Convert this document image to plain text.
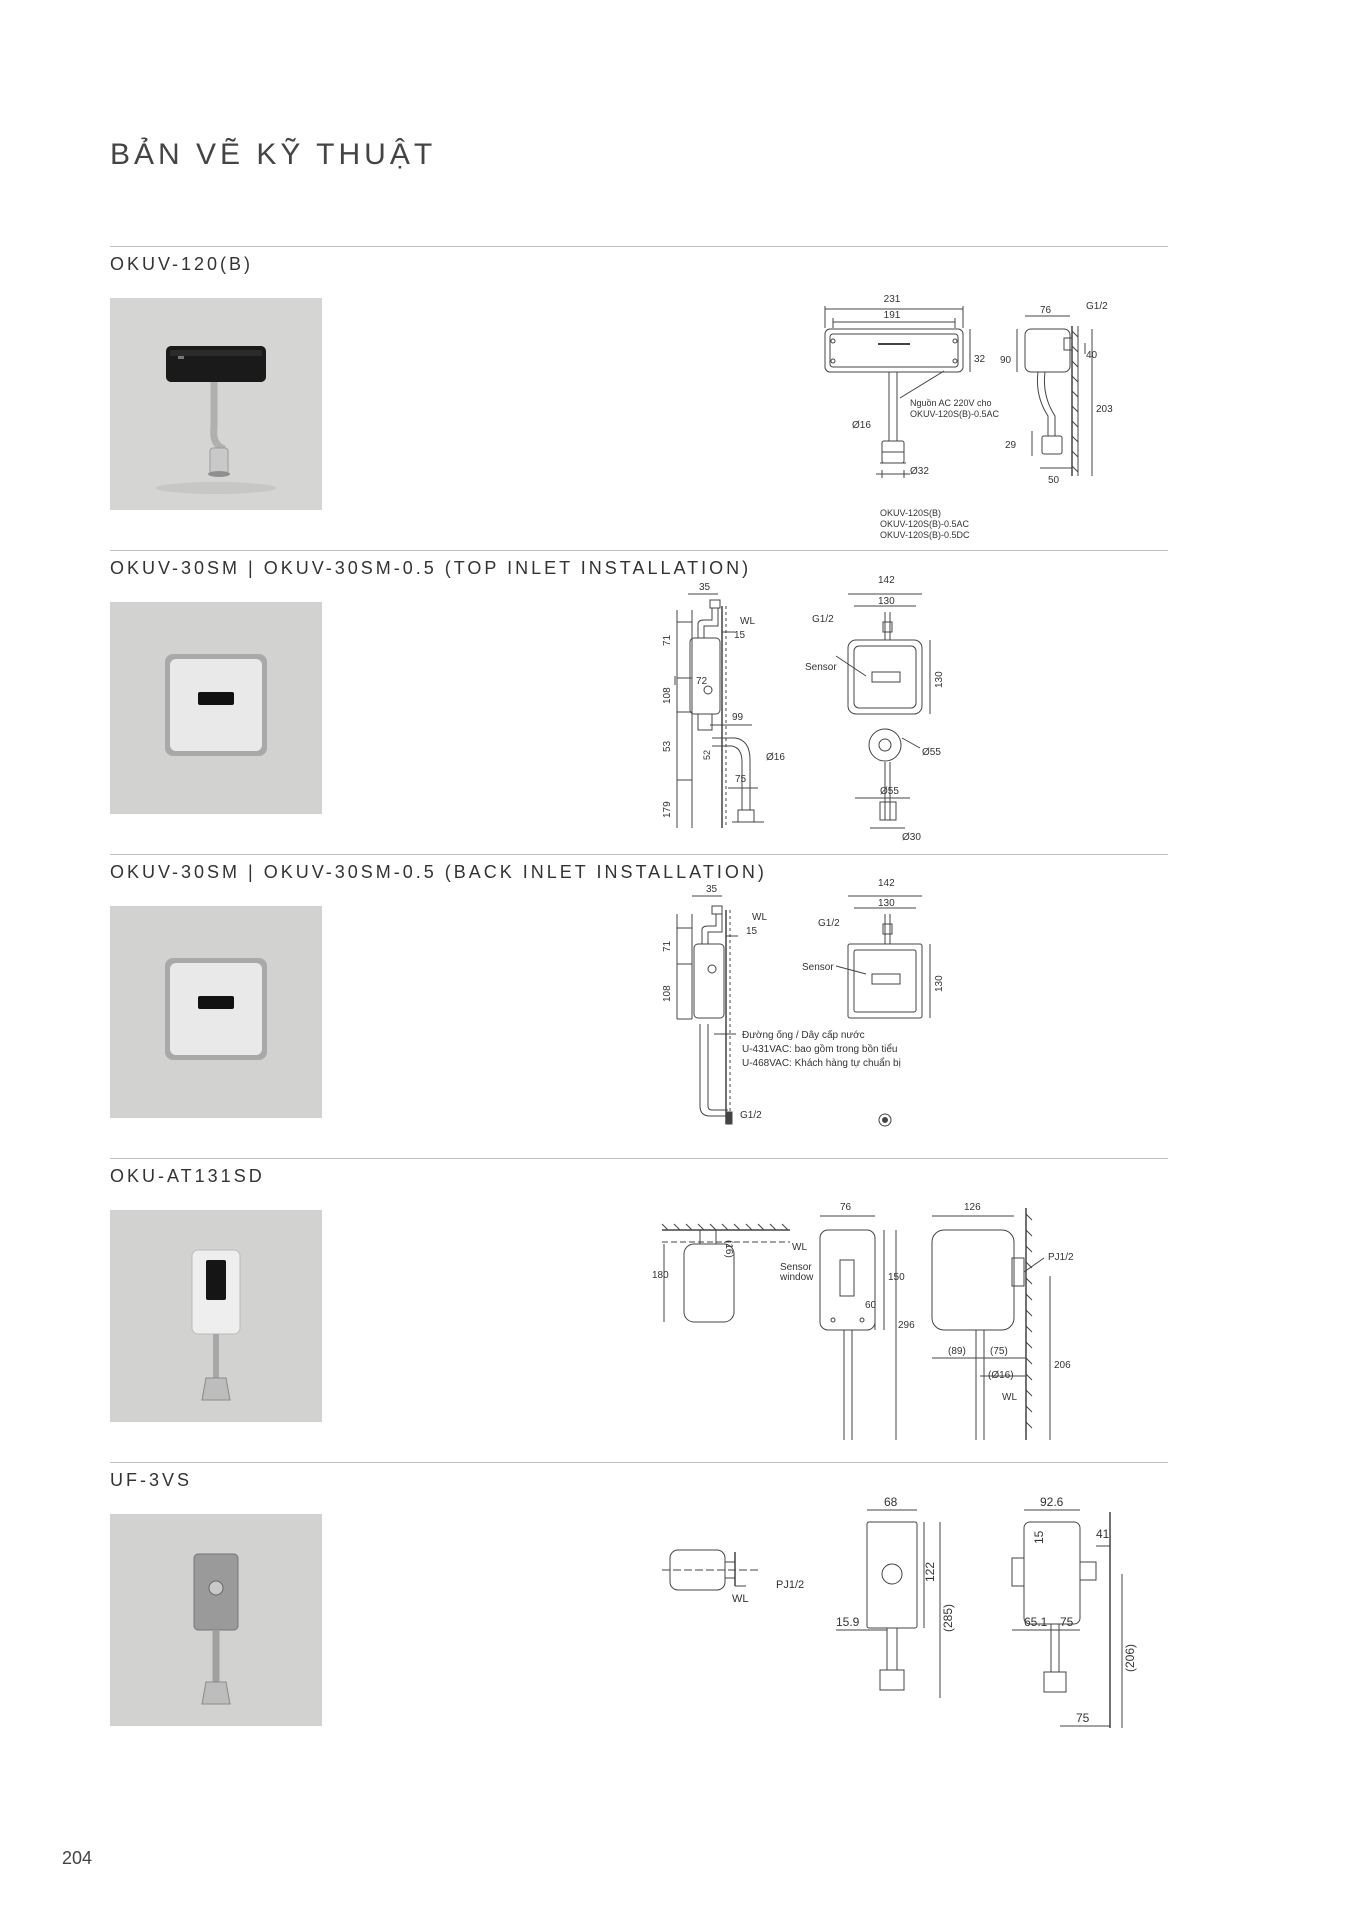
BẢN VẼ KỸ THUẬT
OKUV-120(B)
231
191
32 90
76	G1/2
40
203
29
50
Ø16
Ø32
Nguồn AC 220V cho
OKUV-120S(B)-0.5AC
OKUV-120S(B)
OKUV-120S(B)-0.5AC
OKUV-120S(B)-0.5DC
OKUV-30SM | OKUV-30SM-0.5 (TOP INLET INSTALLATION)
35
WL
15
71
108
72
53
99
52	Ø16
179
75
142
130
G1/2
Sensor
130
Ø55
Ø55
Ø30
OKUV-30SM | OKUV-30SM-0.5 (BACK INLET INSTALLATION)
35
WL
15
71
108
G1/2
G1/2
142
130
Sensor
130
Đường ống / Dây cấp nước
U-431VAC: bao gồm trong bồn tiểu
U-468VAC: Khách hàng tự chuẩn bị
OKU-AT131SD
(16)	WL
180
76
Sensor
window	150
60
296
126
PJ1/2
(89) (75)
206
(Ø16)
WL
UF-3VS
PJ1/2
WL
68
122
(285)
15.9
92.6
15	41
65.1 75
(206)
75
204
